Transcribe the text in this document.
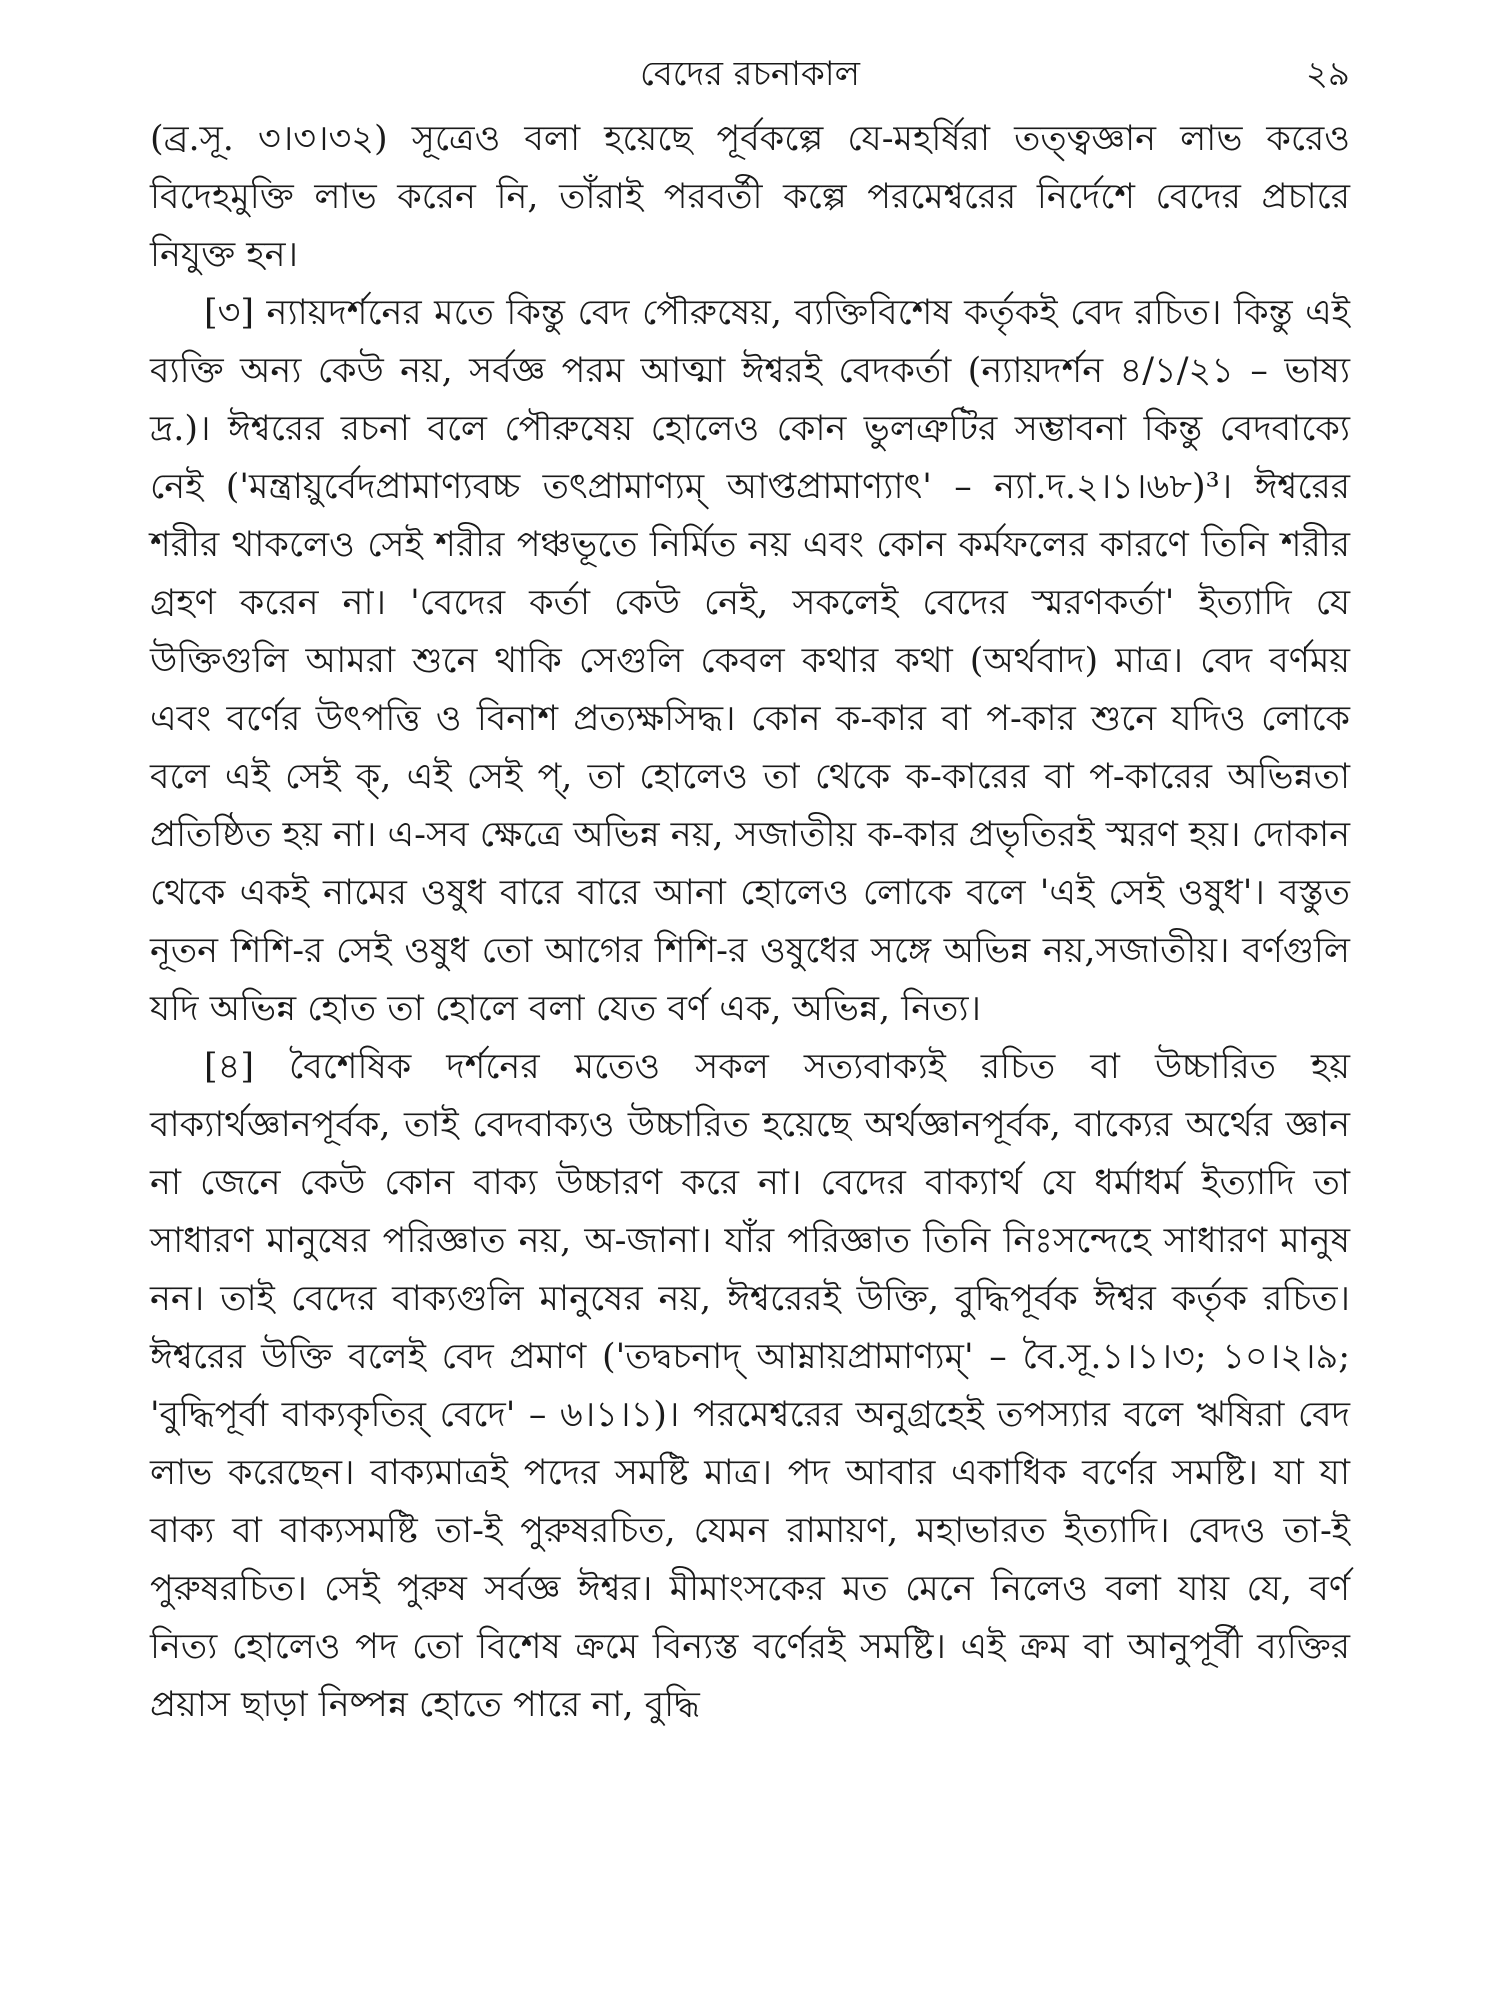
বেদের রচনাকাল	২৯

(ব্র.সূ. ৩।৩।৩২) সূত্রেও বলা হয়েছে পূর্বকল্পে যে-মহর্ষিরা তত্ত্বজ্ঞান লাভ করেও বিদেহমুক্তি লাভ করেন নি, তাঁরাই পরবর্তী কল্পে পরমেশ্বরের নির্দেশে বেদের প্রচারে নিযুক্ত হন।

[৩] ন্যায়দর্শনের মতে কিন্তু বেদ পৌরুষেয়, ব্যক্তিবিশেষ কর্তৃকই বেদ রচিত। কিন্তু এই ব্যক্তি অন্য কেউ নয়, সর্বজ্ঞ পরম আত্মা ঈশ্বরই বেদকর্তা (ন্যায়দর্শন ৪/১/২১ – ভাষ্য দ্র.)। ঈশ্বরের রচনা বলে পৌরুষেয় হোলেও কোন ভুলত্রুটির সম্ভাবনা কিন্তু বেদবাক্যে নেই ('মন্ত্রায়ুর্বেদপ্রামাণ্যবচ্চ তৎপ্রামাণ্যম্ আপ্তপ্রামাণ্যাৎ' – ন্যা.দ.২।১।৬৮)³। ঈশ্বরের শরীর থাকলেও সেই শরীর পঞ্চভূতে নির্মিত নয় এবং কোন কর্মফলের কারণে তিনি শরীর গ্রহণ করেন না। 'বেদের কর্তা কেউ নেই, সকলেই বেদের স্মরণকর্তা' ইত্যাদি যে উক্তিগুলি আমরা শুনে থাকি সেগুলি কেবল কথার কথা (অর্থবাদ) মাত্র। বেদ বর্ণময় এবং বর্ণের উৎপত্তি ও বিনাশ প্রত্যক্ষসিদ্ধ। কোন ক-কার বা প-কার শুনে যদিও লোকে বলে এই সেই ক্, এই সেই প্, তা হোলেও তা থেকে ক-কারের বা প-কারের অভিন্নতা প্রতিষ্ঠিত হয় না। এ-সব ক্ষেত্রে অভিন্ন নয়, সজাতীয় ক-কার প্রভৃতিরই স্মরণ হয়। দোকান থেকে একই নামের ওষুধ বারে বারে আনা হোলেও লোকে বলে 'এই সেই ওষুধ'। বস্তুত নূতন শিশি-র সেই ওষুধ তো আগের শিশি-র ওষুধের সঙ্গে অভিন্ন নয়,সজাতীয়। বর্ণগুলি যদি অভিন্ন হোত তা হোলে বলা যেত বর্ণ এক, অভিন্ন, নিত্য।

[৪] বৈশেষিক দর্শনের মতেও সকল সত্যবাক্যই রচিত বা উচ্চারিত হয় বাক্যার্থজ্ঞানপূর্বক, তাই বেদবাক্যও উচ্চারিত হয়েছে অর্থজ্ঞানপূর্বক, বাক্যের অর্থের জ্ঞান না জেনে কেউ কোন বাক্য উচ্চারণ করে না। বেদের বাক্যার্থ যে ধর্মাধর্ম ইত্যাদি তা সাধারণ মানুষের পরিজ্ঞাত নয়, অ-জানা। যাঁর পরিজ্ঞাত তিনি নিঃসন্দেহে সাধারণ মানুষ নন। তাই বেদের বাক্যগুলি মানুষের নয়, ঈশ্বরেরই উক্তি, বুদ্ধিপূর্বক ঈশ্বর কর্তৃক রচিত। ঈশ্বরের উক্তি বলেই বেদ প্রমাণ ('তদ্বচনাদ্ আম্নায়প্রামাণ্যম্' – বৈ.সূ.১।১।৩; ১০।২।৯; 'বুদ্ধিপূর্বা বাক্যকৃতির্ বেদে' – ৬।১।১)। পরমেশ্বরের অনুগ্রহেই তপস্যার বলে ঋষিরা বেদ লাভ করেছেন। বাক্যমাত্রই পদের সমষ্টি মাত্র। পদ আবার একাধিক বর্ণের সমষ্টি। যা যা বাক্য বা বাক্যসমষ্টি তা-ই পুরুষরচিত, যেমন রামায়ণ, মহাভারত ইত্যাদি। বেদও তা-ই পুরুষরচিত। সেই পুরুষ সর্বজ্ঞ ঈশ্বর। মীমাংসকের মত মেনে নিলেও বলা যায় যে, বর্ণ নিত্য হোলেও পদ তো বিশেষ ক্রমে বিন্যস্ত বর্ণেরই সমষ্টি। এই ক্রম বা আনুপূর্বী ব্যক্তির প্রয়াস ছাড়া নিষ্পন্ন হোতে পারে না, বুদ্ধি
